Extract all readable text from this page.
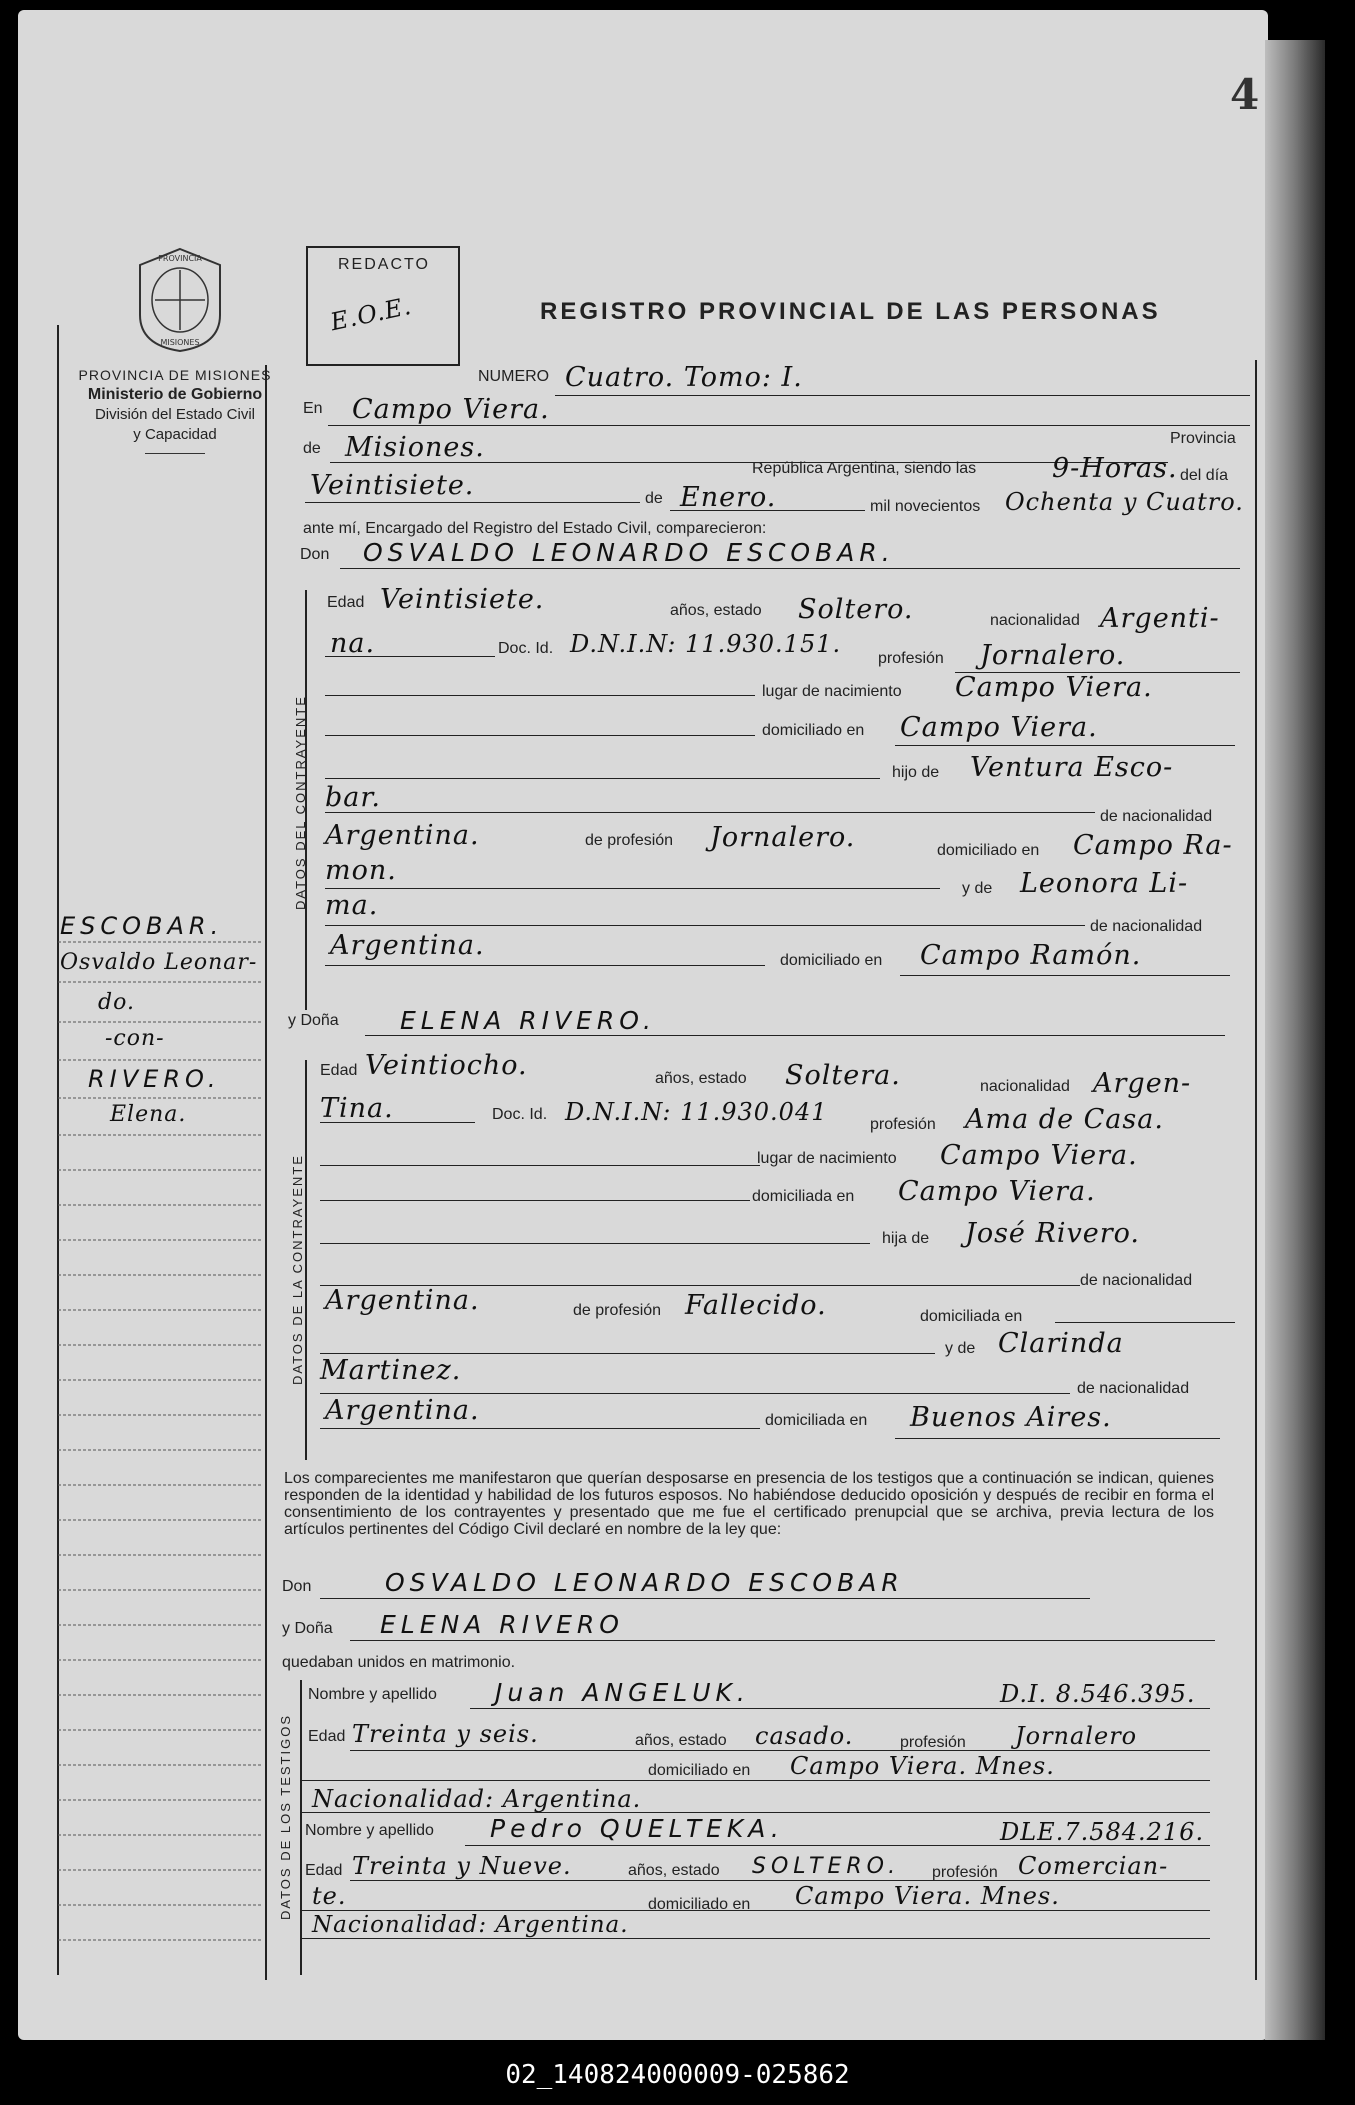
4
PROVINCIA
MISIONES
PROVINCIA DE MISIONES
Ministerio de Gobierno
División del Estado Civil
y Capacidad
REDACTO
E.O.E.	REGISTRO PROVINCIAL DE LAS PERSONAS
DATOS DEL CONTRAYENTE
DATOS DE LA CONTRAYENTE
DATOS DE LOS TESTIGOS
NUMERO Cuatro. Tomo: I.
En Campo Viera.
de Misiones.	Provincia
República Argentina, siendo las	9-Horas. del día
Veintisiete.	de Enero.	mil novecientos Ochenta y Cuatro.
ante mí, Encargado del Registro del Estado Civil, comparecieron:
Don OSVALDO LEONARDO ESCOBAR.
Edad Veintisiete.	años, estado Soltero.	nacionalidad Argenti-
na.	Doc. Id. D.N.I.N: 11.930.151.
profesión Jornalero.
lugar de nacimiento Campo Viera.
domiciliado en Campo Viera.
hijo de Ventura Esco-
bar.
de nacionalidad
Argentina.	de profesión Jornalero.	domiciliado en Campo Ra-
mon.
y de Leonora Li-
ma.
de nacionalidad
Argentina.	domiciliado en Campo Ramón.
y Doña ELENA RIVERO.
Edad Veintiocho.	años, estado Soltera.	nacionalidad Argen-
Tina.	Doc. Id. D.N.I.N: 11.930.041	profesión Ama de Casa.
lugar de nacimiento Campo Viera.
domiciliada en Campo Viera.
hija de José Rivero.
de nacionalidad
Argentina.	de profesión Fallecido.	domiciliada en
y de Clarinda
Martinez.
de nacionalidad
Argentina.	domiciliada en Buenos Aires.
ESCOBAR.
Osvaldo Leonar-
do.
-con-
RIVERO.
Elena.
Los comparecientes me manifestaron que querían desposarse en presencia de los testigos que a continuación se indican, quienes responden de la identidad y habilidad de los futuros esposos. No habiéndose deducido oposición y después de recibir en forma el consentimiento de los contrayentes y presentado que me fue el certificado prenupcial que se archiva, previa lectura de los artículos pertinentes del Código Civil declaré en nombre de la ley que:
Don	OSVALDO LEONARDO ESCOBAR
y Doña ELENA RIVERO
quedaban unidos en matrimonio.
Nombre y apellido Juan ANGELUK.	D.I. 8.546.395.
Edad Treinta y seis.	años, estado casado.	profesión Jornalero
domiciliado en Campo Viera. Mnes.
Nacionalidad: Argentina.
Nombre y apellido Pedro QUELTEKA.	DLE.7.584.216.
Edad Treinta y Nueve.	años, estado SOLTERO. profesión Comercian-
te.	domiciliado en Campo Viera. Mnes.
Nacionalidad: Argentina.
02_140824000009-025862
